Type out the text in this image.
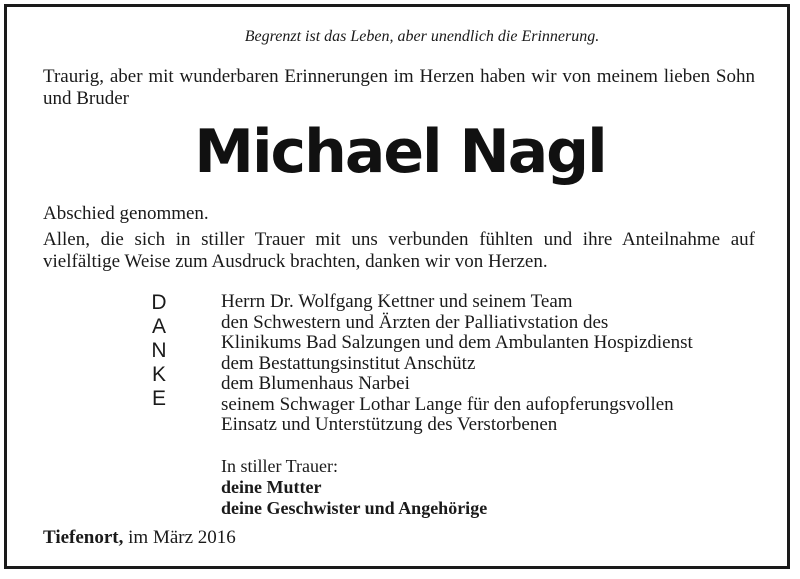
Begrenzt ist das Leben, aber unendlich die Erinnerung.
Traurig, aber mit wunderbaren Erinnerungen im Herzen haben wir von meinem lieben Sohn und Bruder
Michael Nagl
Abschied genommen.
Allen, die sich in stiller Trauer mit uns verbunden fühlten und ihre Anteilnahme auf vielfältige Weise zum Ausdruck brachten, danken wir von Herzen.
D
A
N
K
E
Herrn Dr. Wolfgang Kettner und seinem Team
den Schwestern und Ärzten der Palliativstation des
Klinikums Bad Salzungen und dem Ambulanten Hospizdienst
dem Bestattungsinstitut Anschütz
dem Blumenhaus Narbei
seinem Schwager Lothar Lange für den aufopferungsvollen
Einsatz und Unterstützung des Verstorbenen
In stiller Trauer:
deine Mutter
deine Geschwister und Angehörige
Tiefenort, im März 2016
